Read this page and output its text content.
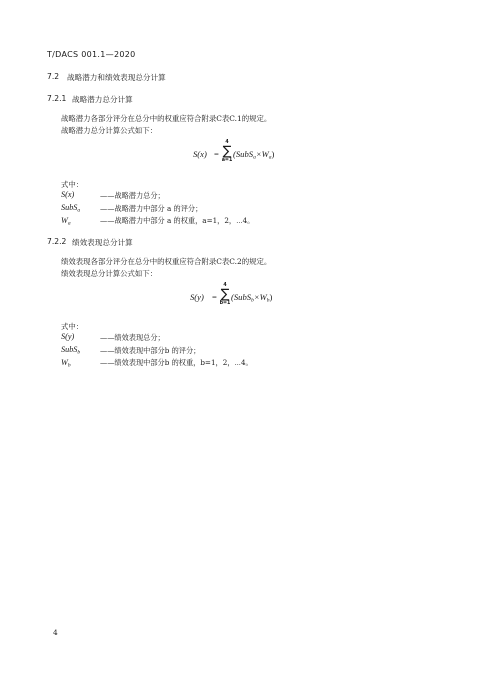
T/DACS 001.1—2020
7.2 战略潜力和绩效表现总分计算
7.2.1 战略潜力总分计算
战略潜力各部分评分在总分中的权重应符合附录C表C.1的规定。
战略潜力总分计算公式如下：
S(x) =
4
∑
a=1
$(SubS_a\times W_a)$
式中：
S(x)	——战略潜力总分；
SubS$_a$	——战略潜力中部分 a 的评分；
$W_a$	——战略潜力中部分 a 的权重，a=1，2，⋯4。
7.2.2 绩效表现总分计算
绩效表现各部分评分在总分中的权重应符合附录C表C.2的规定。
绩效表现总分计算公式如下：
S(y) =
4
∑
b=1
$(SubS_b\times W_b)$
式中：
S(y)	——绩效表现总分；
SubS$_b$	——绩效表现中部分b 的评分；
$W_b$	——绩效表现中部分b 的权重，b=1，2，⋯4。
4
